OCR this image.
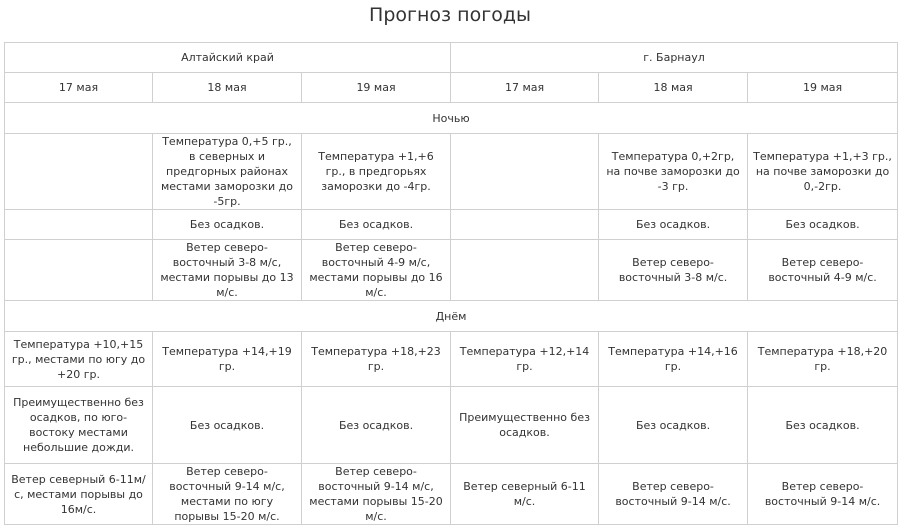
Прогноз погоды
Алтайский край			г. Барнаул		
17 мая	18 мая	19 мая	17 мая	18 мая	19 мая
Ночью					
	Температура 0,+5 гр., в северных и предгорных районах местами заморозки до -5гр.	Температура +1,+6 гр., в предгорьях заморозки до -4гр.		Температура 0,+2гр, на почве заморозки до -3 гр.	Температура +1,+3 гр., на почве заморозки до 0,-2гр.
	Без осадков.	Без осадков.		Без осадков.	Без осадков.
	Ветер северо-восточный 3-8 м/с, местами порывы до 13 м/с.	Ветер северо-восточный 4-9 м/с, местами порывы до 16 м/с.		Ветер северо-восточный 3-8 м/с.	Ветер северо-восточный 4-9 м/с.
Днём					
Температура +10,+15 гр., местами по югу до +20 гр.	Температура +14,+19 гр.	Температура +18,+23 гр.	Температура +12,+14 гр.	Температура +14,+16 гр.	Температура +18,+20 гр.
Преимущественно без осадков, по юго-востоку местами небольшие дожди.	Без осадков.	Без осадков.	Преимущественно без осадков.	Без осадков.	Без осадков.
Ветер северный 6-11м/с, местами порывы до 16м/с.	Ветер северо-восточный 9-14 м/с, местами по югу порывы 15-20 м/с.	Ветер северо-восточный 9-14 м/с, местами порывы 15-20 м/с.	Ветер северный 6-11 м/с.	Ветер северо-восточный 9-14 м/с.	Ветер северо-восточный 9-14 м/с.
